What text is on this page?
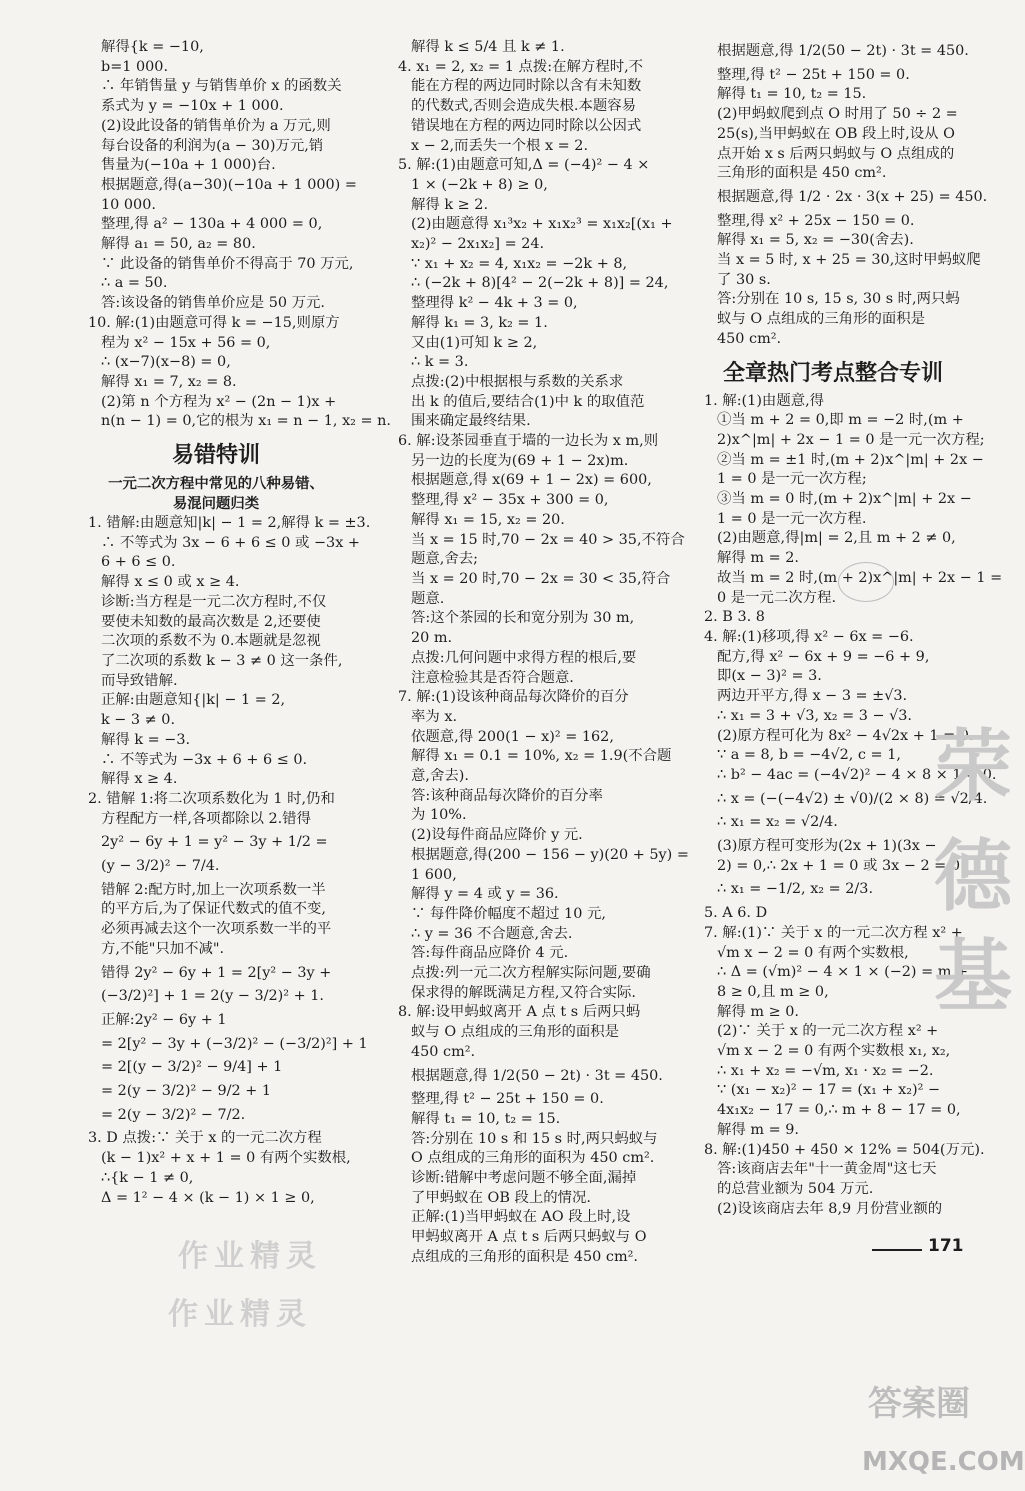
解得{k = −10,
b=1 000.
∴ 年销售量 y 与销售单价 x 的函数关
系式为 y = −10x + 1 000.
(2)设此设备的销售单价为 a 万元,则
每台设备的利润为(a − 30)万元,销
售量为(−10a + 1 000)台.
根据题意,得(a−30)(−10a + 1 000) =
10 000.
整理,得 a² − 130a + 4 000 = 0,
解得 a₁ = 50, a₂ = 80.
∵ 此设备的销售单价不得高于 70 万元,
∴ a = 50.
答:该设备的销售单价应是 50 万元.
10. 解:(1)由题意可得 k = −15,则原方
程为 x² − 15x + 56 = 0,
∴ (x−7)(x−8) = 0,
解得 x₁ = 7, x₂ = 8.
(2)第 n 个方程为 x² − (2n − 1)x +
n(n − 1) = 0,它的根为 x₁ = n − 1, x₂ = n.
易错特训
一元二次方程中常见的八种易错、
易混问题归类
1. 错解:由题意知|k| − 1 = 2,解得 k = ±3.
∴ 不等式为 3x − 6 + 6 ≤ 0 或 −3x +
6 + 6 ≤ 0.
解得 x ≤ 0 或 x ≥ 4.
诊断:当方程是一元二次方程时,不仅
要使未知数的最高次数是 2,还要使
二次项的系数不为 0.本题就是忽视
了二次项的系数 k − 3 ≠ 0 这一条件,
而导致错解.
正解:由题意知{|k| − 1 = 2,
k − 3 ≠ 0.
解得 k = −3.
∴ 不等式为 −3x + 6 + 6 ≤ 0.
解得 x ≥ 4.
2. 错解 1:将二次项系数化为 1 时,仍和
方程配方一样,各项都除以 2.错得
2y² − 6y + 1 = y² − 3y + 1/2 =
(y − 3/2)² − 7/4.
错解 2:配方时,加上一次项系数一半
的平方后,为了保证代数式的值不变,
必须再减去这个一次项系数一半的平
方,不能"只加不减".
错得 2y² − 6y + 1 = 2[y² − 3y +
(−3/2)²] + 1 = 2(y − 3/2)² + 1.
正解:2y² − 6y + 1
= 2[y² − 3y + (−3/2)² − (−3/2)²] + 1
= 2[(y − 3/2)² − 9/4] + 1
= 2(y − 3/2)² − 9/2 + 1
= 2(y − 3/2)² − 7/2.
3. D 点拨:∵ 关于 x 的一元二次方程
(k − 1)x² + x + 1 = 0 有两个实数根,
∴{k − 1 ≠ 0,
Δ = 1² − 4 × (k − 1) × 1 ≥ 0,
解得 k ≤ 5/4 且 k ≠ 1.
4. x₁ = 2, x₂ = 1 点拨:在解方程时,不
能在方程的两边同时除以含有未知数
的代数式,否则会造成失根.本题容易
错误地在方程的两边同时除以公因式
x − 2,而丢失一个根 x = 2.
5. 解:(1)由题意可知,Δ = (−4)² − 4 ×
1 × (−2k + 8) ≥ 0,
解得 k ≥ 2.
(2)由题意得 x₁³x₂ + x₁x₂³ = x₁x₂[(x₁ +
x₂)² − 2x₁x₂] = 24.
∵ x₁ + x₂ = 4, x₁x₂ = −2k + 8,
∴ (−2k + 8)[4² − 2(−2k + 8)] = 24,
整理得 k² − 4k + 3 = 0,
解得 k₁ = 3, k₂ = 1.
又由(1)可知 k ≥ 2,
∴ k = 3.
点拨:(2)中根据根与系数的关系求
出 k 的值后,要结合(1)中 k 的取值范
围来确定最终结果.
6. 解:设茶园垂直于墙的一边长为 x m,则
另一边的长度为(69 + 1 − 2x)m.
根据题意,得 x(69 + 1 − 2x) = 600,
整理,得 x² − 35x + 300 = 0,
解得 x₁ = 15, x₂ = 20.
当 x = 15 时,70 − 2x = 40 > 35,不符合
题意,舍去;
当 x = 20 时,70 − 2x = 30 < 35,符合
题意.
答:这个茶园的长和宽分别为 30 m,
20 m.
点拨:几何问题中求得方程的根后,要
注意检验其是否符合题意.
7. 解:(1)设该种商品每次降价的百分
率为 x.
依题意,得 200(1 − x)² = 162,
解得 x₁ = 0.1 = 10%, x₂ = 1.9(不合题
意,舍去).
答:该种商品每次降价的百分率
为 10%.
(2)设每件商品应降价 y 元.
根据题意,得(200 − 156 − y)(20 + 5y) =
1 600,
解得 y = 4 或 y = 36.
∵ 每件降价幅度不超过 10 元,
∴ y = 36 不合题意,舍去.
答:每件商品应降价 4 元.
点拨:列一元二次方程解实际问题,要确
保求得的解既满足方程,又符合实际.
8. 解:设甲蚂蚁离开 A 点 t s 后两只蚂
蚁与 O 点组成的三角形的面积是
450 cm².
根据题意,得 1/2(50 − 2t) · 3t = 450.
整理,得 t² − 25t + 150 = 0.
解得 t₁ = 10, t₂ = 15.
答:分别在 10 s 和 15 s 时,两只蚂蚁与
O 点组成的三角形的面积为 450 cm².
诊断:错解中考虑问题不够全面,漏掉
了甲蚂蚁在 OB 段上的情况.
正解:(1)当甲蚂蚁在 AO 段上时,设
甲蚂蚁离开 A 点 t s 后两只蚂蚁与 O
点组成的三角形的面积是 450 cm².
根据题意,得 1/2(50 − 2t) · 3t = 450.
整理,得 t² − 25t + 150 = 0.
解得 t₁ = 10, t₂ = 15.
(2)甲蚂蚁爬到点 O 时用了 50 ÷ 2 =
25(s),当甲蚂蚁在 OB 段上时,设从 O
点开始 x s 后两只蚂蚁与 O 点组成的
三角形的面积是 450 cm².
根据题意,得 1/2 · 2x · 3(x + 25) = 450.
整理,得 x² + 25x − 150 = 0.
解得 x₁ = 5, x₂ = −30(舍去).
当 x = 5 时, x + 25 = 30,这时甲蚂蚁爬
了 30 s.
答:分别在 10 s, 15 s, 30 s 时,两只蚂
蚁与 O 点组成的三角形的面积是
450 cm².
全章热门考点整合专训
1. 解:(1)由题意,得
①当 m + 2 = 0,即 m = −2 时,(m +
2)x^|m| + 2x − 1 = 0 是一元一次方程;
②当 m = ±1 时,(m + 2)x^|m| + 2x −
1 = 0 是一元一次方程;
③当 m = 0 时,(m + 2)x^|m| + 2x −
1 = 0 是一元一次方程.
(2)由题意,得|m| = 2,且 m + 2 ≠ 0,
解得 m = 2.
故当 m = 2 时,(m + 2)x^|m| + 2x − 1 =
0 是一元二次方程.
2. B 3. 8
4. 解:(1)移项,得 x² − 6x = −6.
配方,得 x² − 6x + 9 = −6 + 9,
即(x − 3)² = 3.
两边开平方,得 x − 3 = ±√3.
∴ x₁ = 3 + √3, x₂ = 3 − √3.
(2)原方程可化为 8x² − 4√2x + 1 = 0.
∵ a = 8, b = −4√2, c = 1,
∴ b² − 4ac = (−4√2)² − 4 × 8 × 1 = 0.
∴ x = (−(−4√2) ± √0)/(2 × 8) = √2/4.
∴ x₁ = x₂ = √2/4.
(3)原方程可变形为(2x + 1)(3x −
2) = 0,∴ 2x + 1 = 0 或 3x − 2 = 0.
∴ x₁ = −1/2, x₂ = 2/3.
5. A 6. D
7. 解:(1)∵ 关于 x 的一元二次方程 x² +
√m x − 2 = 0 有两个实数根,
∴ Δ = (√m)² − 4 × 1 × (−2) = m +
8 ≥ 0,且 m ≥ 0,
解得 m ≥ 0.
(2)∵ 关于 x 的一元二次方程 x² +
√m x − 2 = 0 有两个实数根 x₁, x₂,
∴ x₁ + x₂ = −√m, x₁ · x₂ = −2.
∵ (x₁ − x₂)² − 17 = (x₁ + x₂)² −
4x₁x₂ − 17 = 0,∴ m + 8 − 17 = 0,
解得 m = 9.
8. 解:(1)450 + 450 × 12% = 504(万元).
答:该商店去年"十一黄金周"这七天
的总营业额为 504 万元.
(2)设该商店去年 8,9 月份营业额的
171
荣
德
基
作业精灵
作业精灵
答案圈
MXQE.COM
